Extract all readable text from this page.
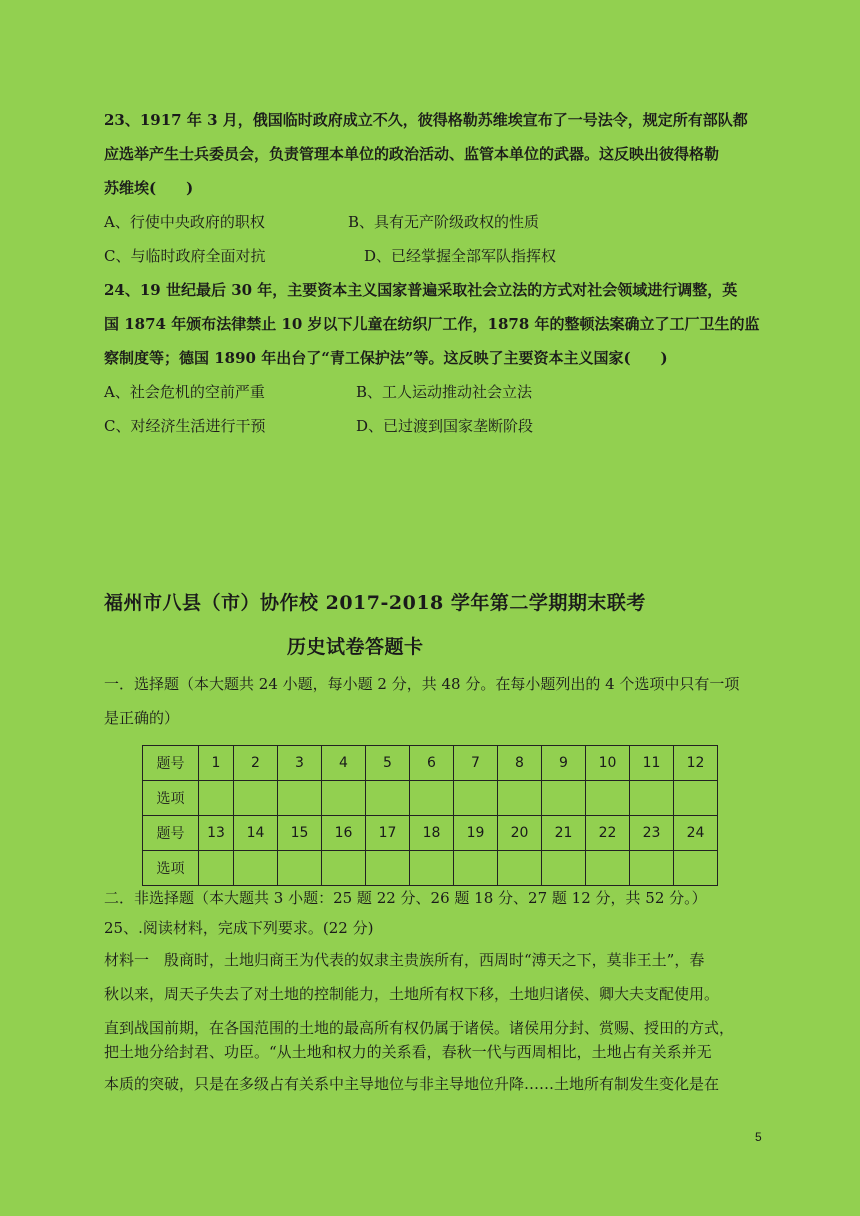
23、1917 年 3 月，俄国临时政府成立不久，彼得格勒苏维埃宣布了一号法令，规定所有部队都
应选举产生士兵委员会，负责管理本单位的政治活动、监管本单位的武器。这反映出彼得格勒
苏维埃(　　)
A、行使中央政府的职权	B、具有无产阶级政权的性质
C、与临时政府全面对抗	D、已经掌握全部军队指挥权
24、19 世纪最后 30 年，主要资本主义国家普遍采取社会立法的方式对社会领域进行调整，英
国 1874 年颁布法律禁止 10 岁以下儿童在纺织厂工作，1878 年的整顿法案确立了工厂卫生的监
察制度等；德国 1890 年出台了“青工保护法”等。这反映了主要资本主义国家(　　)
A、社会危机的空前严重	B、工人运动推动社会立法
C、对经济生活进行干预	D、已过渡到国家垄断阶段
福州市八县（市）协作校 2017-2018 学年第二学期期末联考
历史试卷答题卡
一．选择题（本大题共 24 小题，每小题 2 分，共 48 分。在每小题列出的 4 个选项中只有一项
是正确的）
题号	1	2	3	4	5	6	7	8	9	10	11	12
选项												
题号	13	14	15	16	17	18	19	20	21	22	23	24
选项												
二．非选择题（本大题共 3 小题：25 题 22 分、26 题 18 分、27 题 12 分，共 52 分。）
25、.阅读材料，完成下列要求。(22 分)
材料一　殷商时，土地归商王为代表的奴隶主贵族所有，西周时“溥天之下，莫非王土”，春
秋以来，周天子失去了对土地的控制能力，土地所有权下移，土地归诸侯、卿大夫支配使用。
直到战国前期，在各国范围的土地的最高所有权仍属于诸侯。诸侯用分封、赏赐、授田的方式，
把土地分给封君、功臣。“从土地和权力的关系看，春秋一代与西周相比，土地占有关系并无
本质的突破，只是在多级占有关系中主导地位与非主导地位升降……土地所有制发生变化是在
5
